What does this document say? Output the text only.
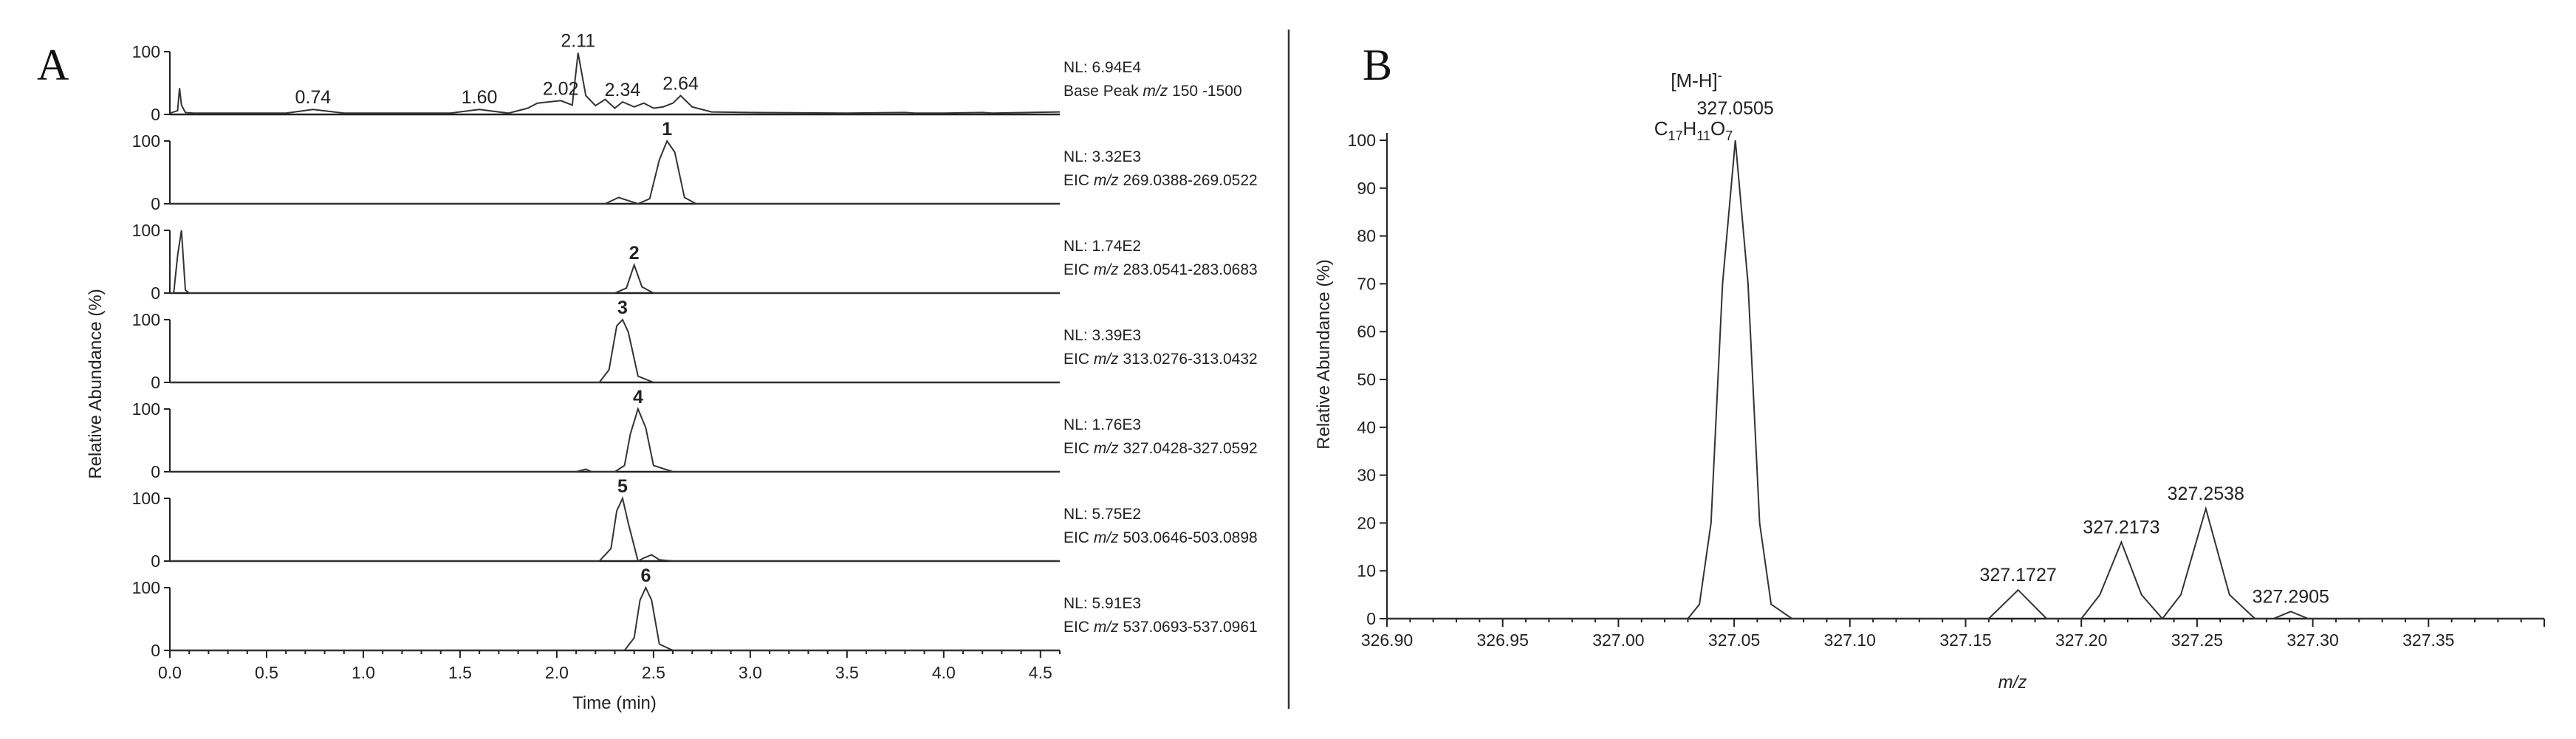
A	B
Relative Abundance (%)
Time (min)
Relative Abundance (%)
m/z
[M-H]-
$C_{17}H_{11}O_7$
100
0
0.74	1.60 2.02
2.11
2.34 2.64
NL: 6.94E4
Base Peak m/z 150 -1500
100
0
1
NL: 3.32E3
EIC m/z 269.0388-269.0522
100
0
2	NL: 1.74E2
EIC m/z 283.0541-283.0683
100
0
3
NL: 3.39E3
EIC m/z 313.0276-313.0432
100
0
4
NL: 1.76E3
EIC m/z 327.0428-327.0592
100
0
5
NL: 5.75E2
EIC m/z 503.0646-503.0898
100
0
6
NL: 5.91E3
EIC m/z 537.0693-537.0961
0.0	0.5	1.0	1.5	2.0	2.5	3.0	3.5	4.0	4.5
0
10
20
30
40
50
60
70
80
90
100
326.90	326.95	327.00	327.05	327.10	327.15	327.20	327.25	327.30	327.35
327.0505
327.1727
327.2173
327.2538
327.2905
